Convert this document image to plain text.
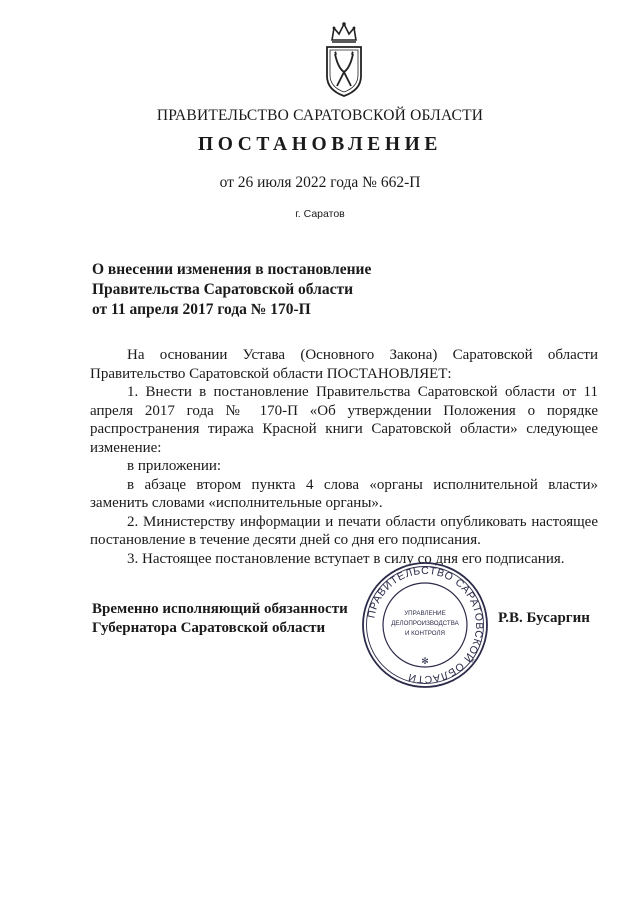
ПРАВИТЕЛЬСТВО САРАТОВСКОЙ ОБЛАСТИ
ПОСТАНОВЛЕНИЕ
от 26 июля 2022 года № 662-П
г. Саратов
О внесении изменения в постановление
Правительства Саратовской области
от 11 апреля 2017 года № 170-П

На основании Устава (Основного Закона) Саратовской области Правительство Саратовской области ПОСТАНОВЛЯЕТ:

1. Внести в постановление Правительства Саратовской области от 11 апреля 2017 года № 170-П «Об утверждении Положения о порядке распространения тиража Красной книги Саратовской области» следующее изменение:

в приложении:

в абзаце втором пункта 4 слова «органы исполнительной власти» заменить словами «исполнительные органы».

2. Министерству информации и печати области опубликовать настоящее постановление в течение десяти дней со дня его подписания.

3. Настоящее постановление вступает в силу со дня его подписания.

Временно исполняющий обязанности
Губернатора Саратовской области
ПРАВИТЕЛЬСТВО САРАТОВСКОЙ ОБЛАСТИ
УПРАВЛЕНИЕ
ДЕЛОПРОИЗВОДСТВА
И КОНТРОЛЯ
✻
Р.В. Бусаргин
